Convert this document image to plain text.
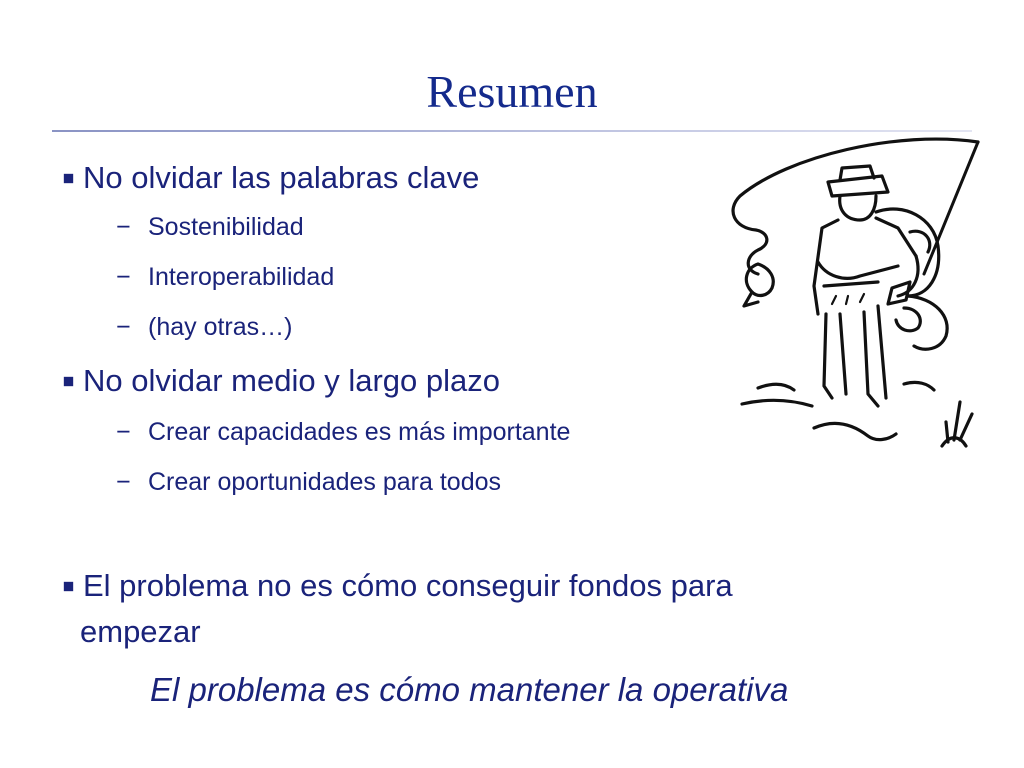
Resumen
No olvidar las palabras clave
− Sostenibilidad
− Interoperabilidad
− (hay otras…)
No olvidar medio y largo plazo
− Crear capacidades es más importante
− Crear oportunidades para todos
El problema no es cómo conseguir fondos para
empezar
El problema es cómo mantener la operativa
